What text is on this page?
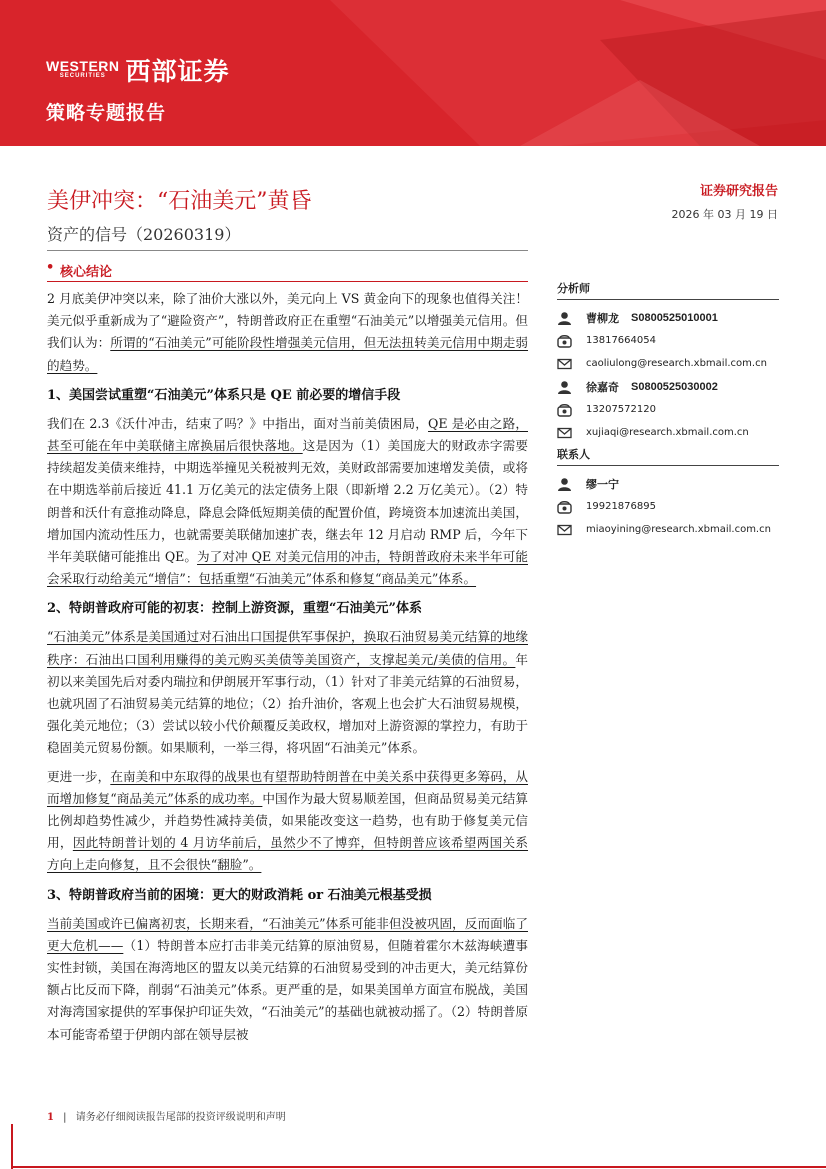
WESTERN
SECURITIES 西部证券
策略专题报告
美伊冲突：“石油美元”黄昏
资产的信号（20260319）
证券研究报告
2026 年 03 月 19 日
• 核心结论

2 月底美伊冲突以来，除了油价大涨以外，美元向上 VS 黄金向下的现象也值得关注！美元似乎重新成为了“避险资产”，特朗普政府正在重塑“石油美元”以增强美元信用。但我们认为：所谓的“石油美元”可能阶段性增强美元信用，但无法扭转美元信用中期走弱的趋势。

1、美国尝试重塑“石油美元”体系只是 QE 前必要的增信手段

我们在 2.3《沃什冲击，结束了吗？》中指出，面对当前美债困局，QE 是必由之路，甚至可能在年中美联储主席换届后很快落地。这是因为（1）美国庞大的财政赤字需要持续超发美债来维持，中期选举撞见关税被判无效，美财政部需要加速增发美债，或将在中期选举前后接近 41.1 万亿美元的法定债务上限（即新增 2.2 万亿美元）。（2）特朗普和沃什有意推动降息，降息会降低短期美债的配置价值，跨境资本加速流出美国，增加国内流动性压力，也就需要美联储加速扩表，继去年 12 月启动 RMP 后，今年下半年美联储可能推出 QE。为了对冲 QE 对美元信用的冲击，特朗普政府未来半年可能会采取行动给美元“增信”：包括重塑“石油美元”体系和修复“商品美元”体系。

2、特朗普政府可能的初衷：控制上游资源，重塑“石油美元”体系

“石油美元”体系是美国通过对石油出口国提供军事保护，换取石油贸易美元结算的地缘秩序：石油出口国利用赚得的美元购买美债等美国资产，支撑起美元/美债的信用。年初以来美国先后对委内瑞拉和伊朗展开军事行动，（1）针对了非美元结算的石油贸易，也就巩固了石油贸易美元结算的地位；（2）抬升油价，客观上也会扩大石油贸易规模，强化美元地位；（3）尝试以较小代价颠覆反美政权，增加对上游资源的掌控力，有助于稳固美元贸易份额。如果顺利，一举三得，将巩固“石油美元”体系。

更进一步，在南美和中东取得的战果也有望帮助特朗普在中美关系中获得更多筹码，从而增加修复“商品美元”体系的成功率。中国作为最大贸易顺差国，但商品贸易美元结算比例却趋势性减少，并趋势性减持美债，如果能改变这一趋势，也有助于修复美元信用，因此特朗普计划的 4 月访华前后，虽然少不了博弈，但特朗普应该希望两国关系方向上走向修复，且不会很快“翻脸”。

3、特朗普政府当前的困境：更大的财政消耗 or 石油美元根基受损

当前美国或许已偏离初衷，长期来看，“石油美元”体系可能非但没被巩固，反而面临了更大危机——（1）特朗普本应打击非美元结算的原油贸易，但随着霍尔木兹海峡遭事实性封锁，美国在海湾地区的盟友以美元结算的石油贸易受到的冲击更大，美元结算份额占比反而下降，削弱“石油美元”体系。更严重的是，如果美国单方面宣布脱战，美国对海湾国家提供的军事保护印证失效，“石油美元”的基础也就被动摇了。（2）特朗普原本可能寄希望于伊朗内部在领导层被

分析师
曹柳龙 S0800525010001
13817664054
caoliulong@research.xbmail.com.cn
徐嘉奇 S0800525030002
13207572120
xujiaqi@research.xbmail.com.cn
联系人
缪一宁
19921876895
miaoyining@research.xbmail.com.cn
1 | 请务必仔细阅读报告尾部的投资评级说明和声明
